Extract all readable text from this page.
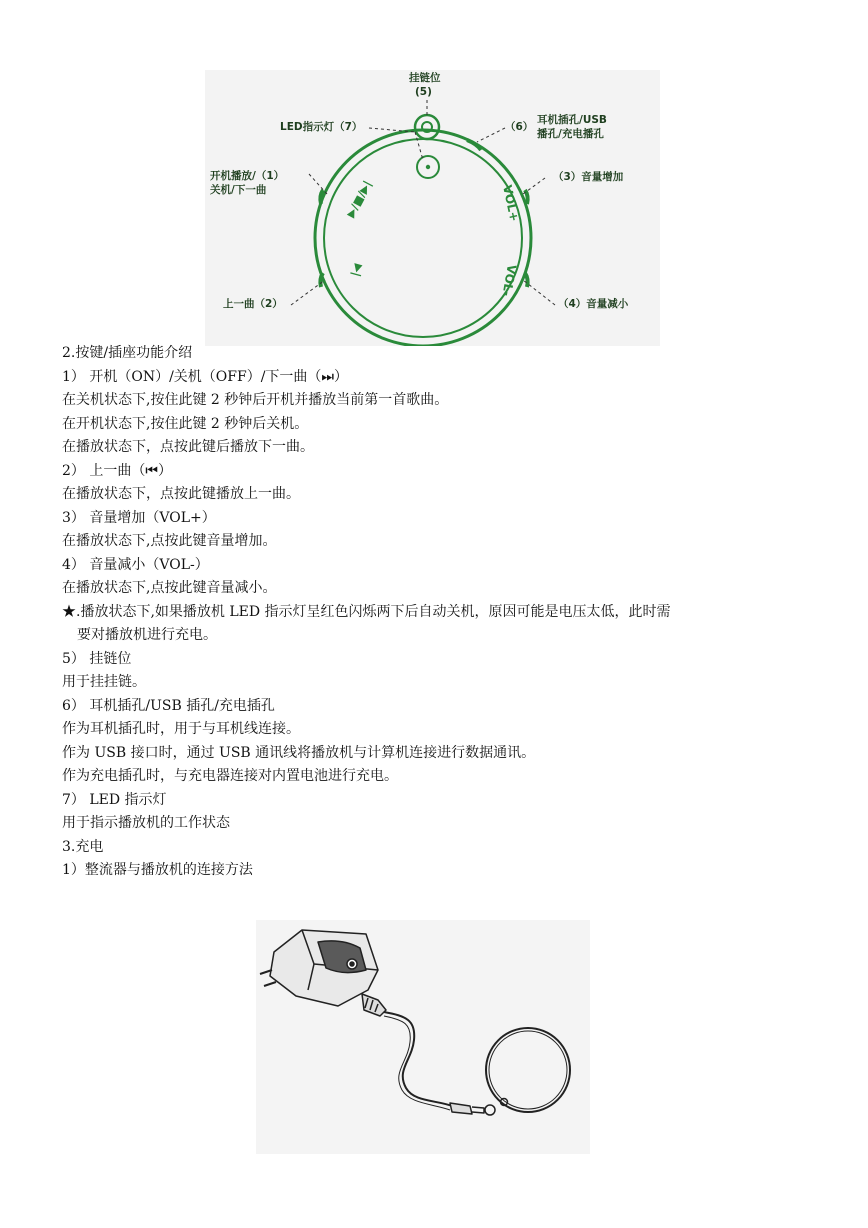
▶/■/▶|
|◀
VOL+
VOL-
挂链位
(5)
LED指示灯（7）	（6）
耳机插孔/USB
播孔/充电播孔
开机播放/（1）
关机/下一曲
（3）音量增加
上一曲（2）	（4）音量减小
2.按键/插座功能介绍
1） 开机（ON）/关机（OFF）/下一曲（⏭）
在关机状态下,按住此键 2 秒钟后开机并播放当前第一首歌曲。
在开机状态下,按住此键 2 秒钟后关机。
在播放状态下，点按此键后播放下一曲。
2） 上一曲（⏮）
在播放状态下，点按此键播放上一曲。
3） 音量增加（VOL+）
在播放状态下,点按此键音量增加。
4） 音量减小（VOL-）
在播放状态下,点按此键音量减小。
★.播放状态下,如果播放机 LED 指示灯呈红色闪烁两下后自动关机，原因可能是电压太低，此时需
要对播放机进行充电。
5） 挂链位
用于挂挂链。
6） 耳机插孔/USB 插孔/充电插孔
作为耳机插孔时，用于与耳机线连接。
作为 USB 接口时，通过 USB 通讯线将播放机与计算机连接进行数据通讯。
作为充电插孔时，与充电器连接对内置电池进行充电。
7） LED 指示灯
用于指示播放机的工作状态
3.充电
1）整流器与播放机的连接方法
